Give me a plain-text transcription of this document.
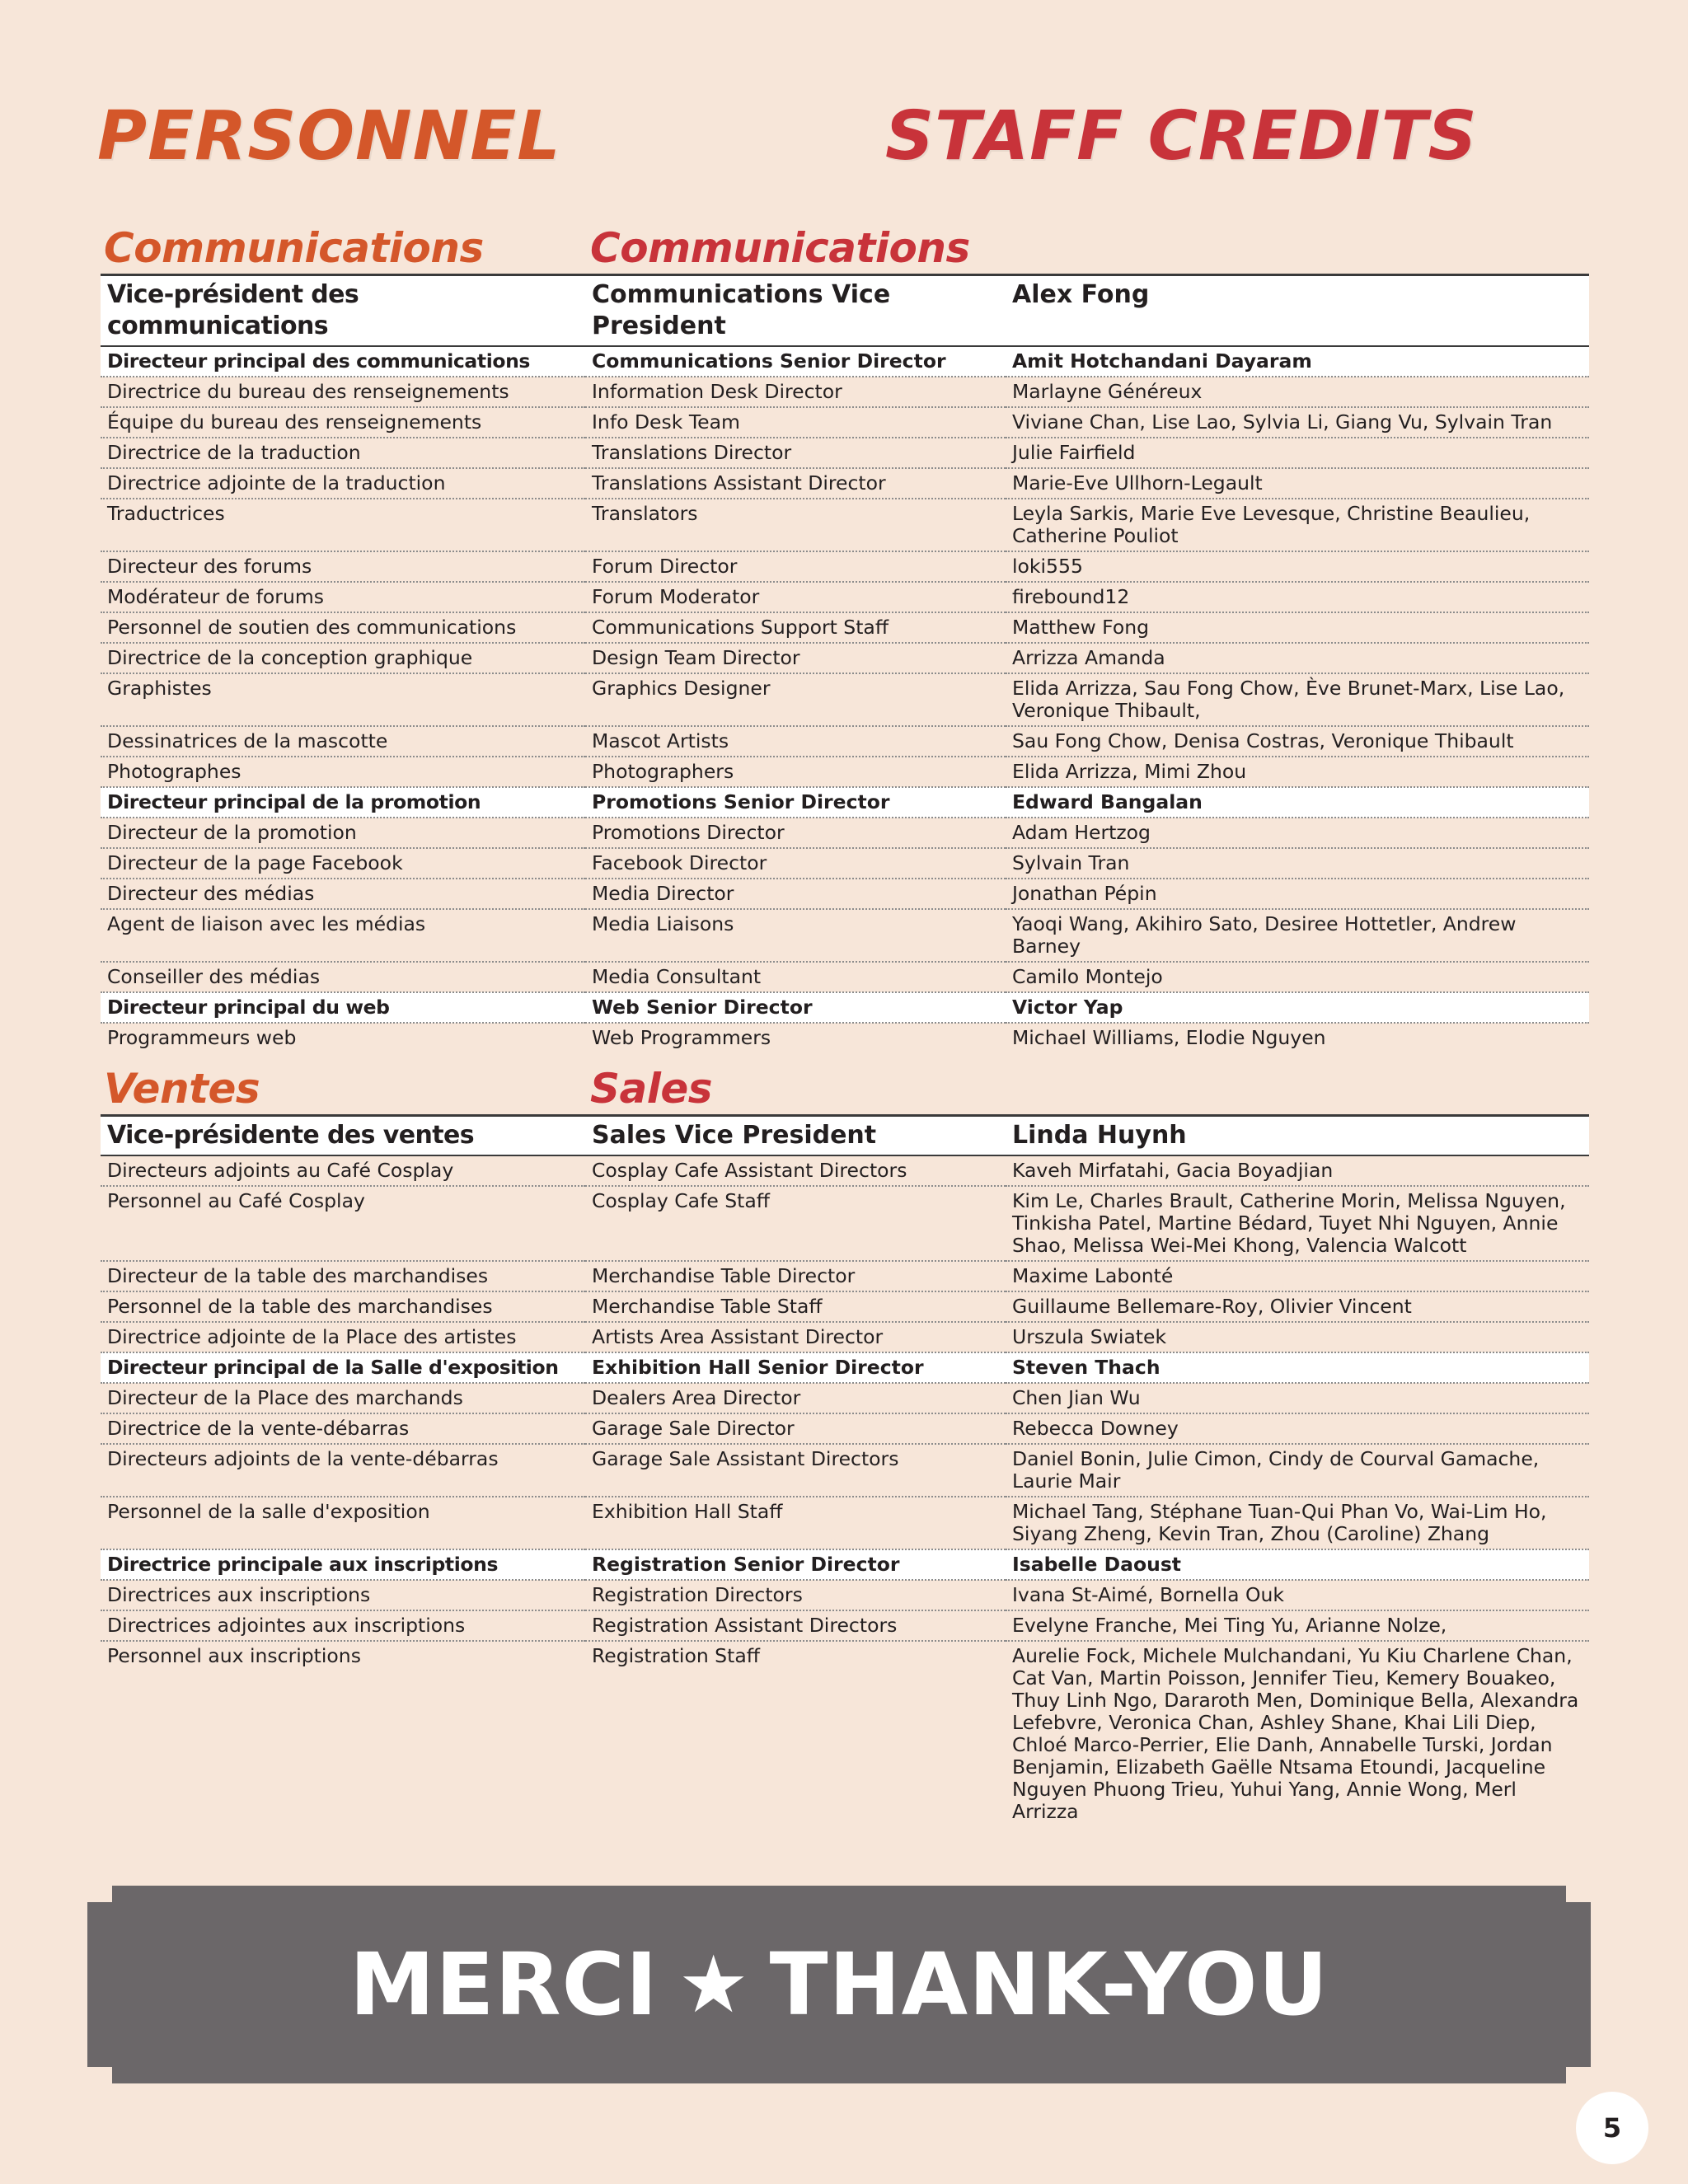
PERSONNEL	STAFF CREDITS
Communications	Communications
Vice-président des communications	Communications Vice President	Alex Fong
Directeur principal des communications	Communications Senior Director	Amit Hotchandani Dayaram
Directrice du bureau des renseignements	Information Desk Director	Marlayne Généreux
Équipe du bureau des renseignements	Info Desk Team	Viviane Chan, Lise Lao, Sylvia Li, Giang Vu, Sylvain Tran
Directrice de la traduction	Translations Director	Julie Fairfield
Directrice adjointe de la traduction	Translations Assistant Director	Marie-Eve Ullhorn-Legault
Traductrices	Translators	Leyla Sarkis, Marie Eve Levesque, Christine Beaulieu, Catherine Pouliot
Directeur des forums	Forum Director	loki555
Modérateur de forums	Forum Moderator	firebound12
Personnel de soutien des communications	Communications Support Staff	Matthew Fong
Directrice de la conception graphique	Design Team Director	Arrizza Amanda
Graphistes	Graphics Designer	Elida Arrizza, Sau Fong Chow, Ève Brunet-Marx, Lise Lao, Veronique Thibault,
Dessinatrices de la mascotte	Mascot Artists	Sau Fong Chow, Denisa Costras, Veronique Thibault
Photographes	Photographers	Elida Arrizza, Mimi Zhou
Directeur principal de la promotion	Promotions Senior Director	Edward Bangalan
Directeur de la promotion	Promotions Director	Adam Hertzog
Directeur de la page Facebook	Facebook Director	Sylvain Tran
Directeur des médias	Media Director	Jonathan Pépin
Agent de liaison avec les médias	Media Liaisons	Yaoqi Wang, Akihiro Sato, Desiree Hottetler, Andrew Barney
Conseiller des médias	Media Consultant	Camilo Montejo
Directeur principal du web	Web Senior Director	Victor Yap
Programmeurs web	Web Programmers	Michael Williams, Elodie Nguyen
Ventes	Sales
Vice-présidente des ventes	Sales Vice President	Linda Huynh
Directeurs adjoints au Café Cosplay	Cosplay Cafe Assistant Directors	Kaveh Mirfatahi, Gacia Boyadjian
Personnel au Café Cosplay	Cosplay Cafe Staff	Kim Le, Charles Brault, Catherine Morin, Melissa Nguyen, Tinkisha Patel, Martine Bédard, Tuyet Nhi Nguyen, Annie Shao, Melissa Wei-Mei Khong, Valencia Walcott
Directeur de la table des marchandises	Merchandise Table Director	Maxime Labonté
Personnel de la table des marchandises	Merchandise Table Staff	Guillaume Bellemare-Roy, Olivier Vincent
Directrice adjointe de la Place des artistes	Artists Area Assistant Director	Urszula Swiatek
Directeur principal de la Salle d'exposition	Exhibition Hall Senior Director	Steven Thach
Directeur de la Place des marchands	Dealers Area Director	Chen Jian Wu
Directrice de la vente-débarras	Garage Sale Director	Rebecca Downey
Directeurs adjoints de la vente-débarras	Garage Sale Assistant Directors	Daniel Bonin, Julie Cimon, Cindy de Courval Gamache, Laurie Mair
Personnel de la salle d'exposition	Exhibition Hall Staff	Michael Tang, Stéphane Tuan-Qui Phan Vo, Wai-Lim Ho, Siyang Zheng, Kevin Tran, Zhou (Caroline) Zhang
Directrice principale aux inscriptions	Registration Senior Director	Isabelle Daoust
Directrices aux inscriptions	Registration Directors	Ivana St-Aimé, Bornella Ouk
Directrices adjointes aux inscriptions	Registration Assistant Directors	Evelyne Franche, Mei Ting Yu, Arianne Nolze,
Personnel aux inscriptions	Registration Staff	Aurelie Fock, Michele Mulchandani, Yu Kiu Charlene Chan, Cat Van, Martin Poisson, Jennifer Tieu, Kemery Bouakeo, Thuy Linh Ngo, Dararoth Men, Dominique Bella, Alexandra Lefebvre, Veronica Chan, Ashley Shane, Khai Lili Diep, Chloé Marco-Perrier, Elie Danh, Annabelle Turski, Jordan Benjamin, Elizabeth Gaëlle Ntsama Etoundi, Jacqueline Nguyen Phuong Trieu, Yuhui Yang, Annie Wong, Merl Arrizza
MERCI ★ THANK-YOU
5
